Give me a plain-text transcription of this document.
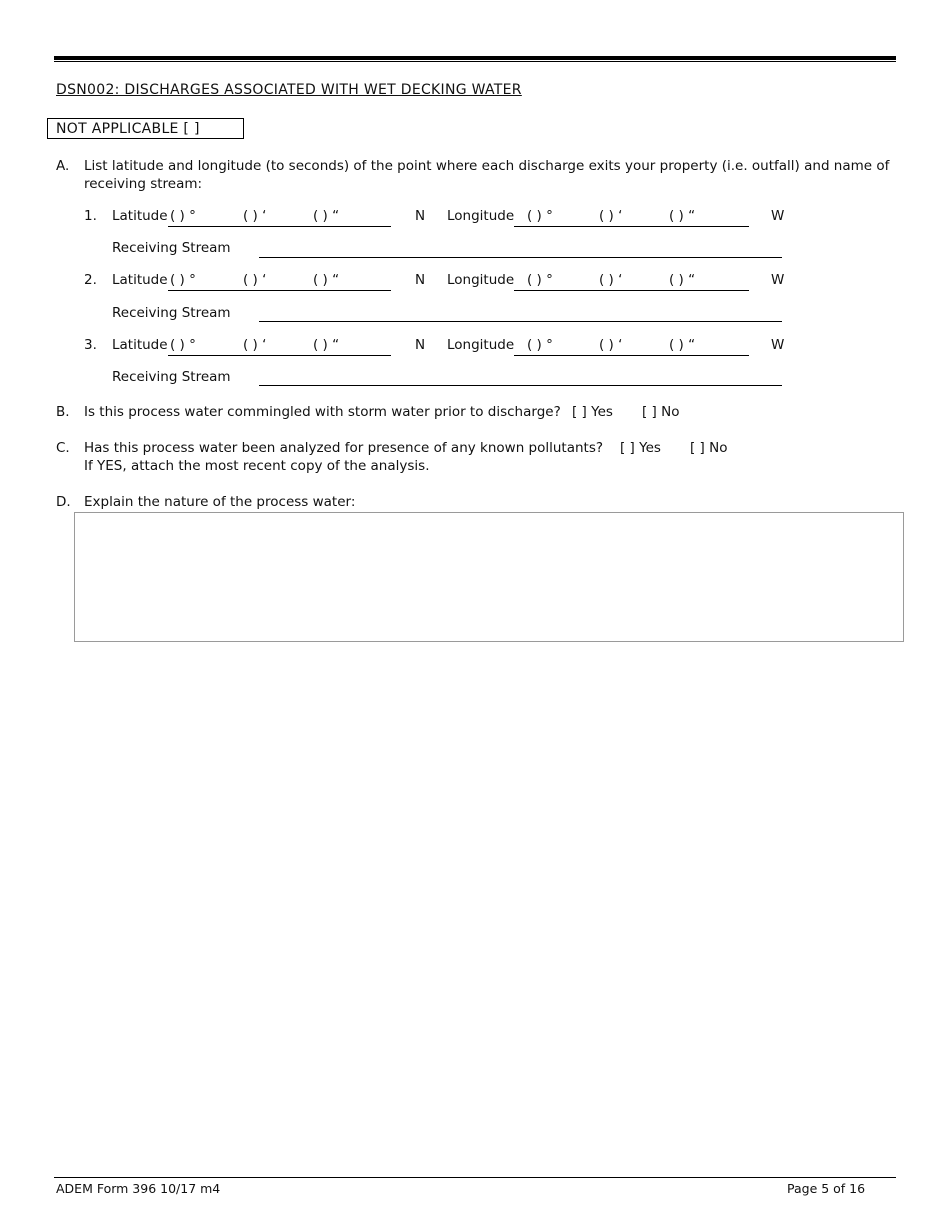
DSN002: DISCHARGES ASSOCIATED WITH WET DECKING WATER
NOT APPLICABLE [ ]
A. List latitude and longitude (to seconds) of the point where each discharge exits your property (i.e. outfall) and name of
receiving stream:
1. Latitude ( ) °	( ) ‘	( ) “	N Longitude ( ) °	( ) ‘	( ) “	W
Receiving Stream
2. Latitude ( ) °	( ) ‘	( ) “	N Longitude ( ) °	( ) ‘	( ) “	W
Receiving Stream
3. Latitude ( ) °	( ) ‘	( ) “	N Longitude ( ) °	( ) ‘	( ) “	W
Receiving Stream
B. Is this process water commingled with storm water prior to discharge? [ ] Yes [ ] No
C. Has this process water been analyzed for presence of any known pollutants? [ ] Yes [ ] No
If YES, attach the most recent copy of the analysis.
D. Explain the nature of the process water:
ADEM Form 396 10/17 m4	Page 5 of 16
